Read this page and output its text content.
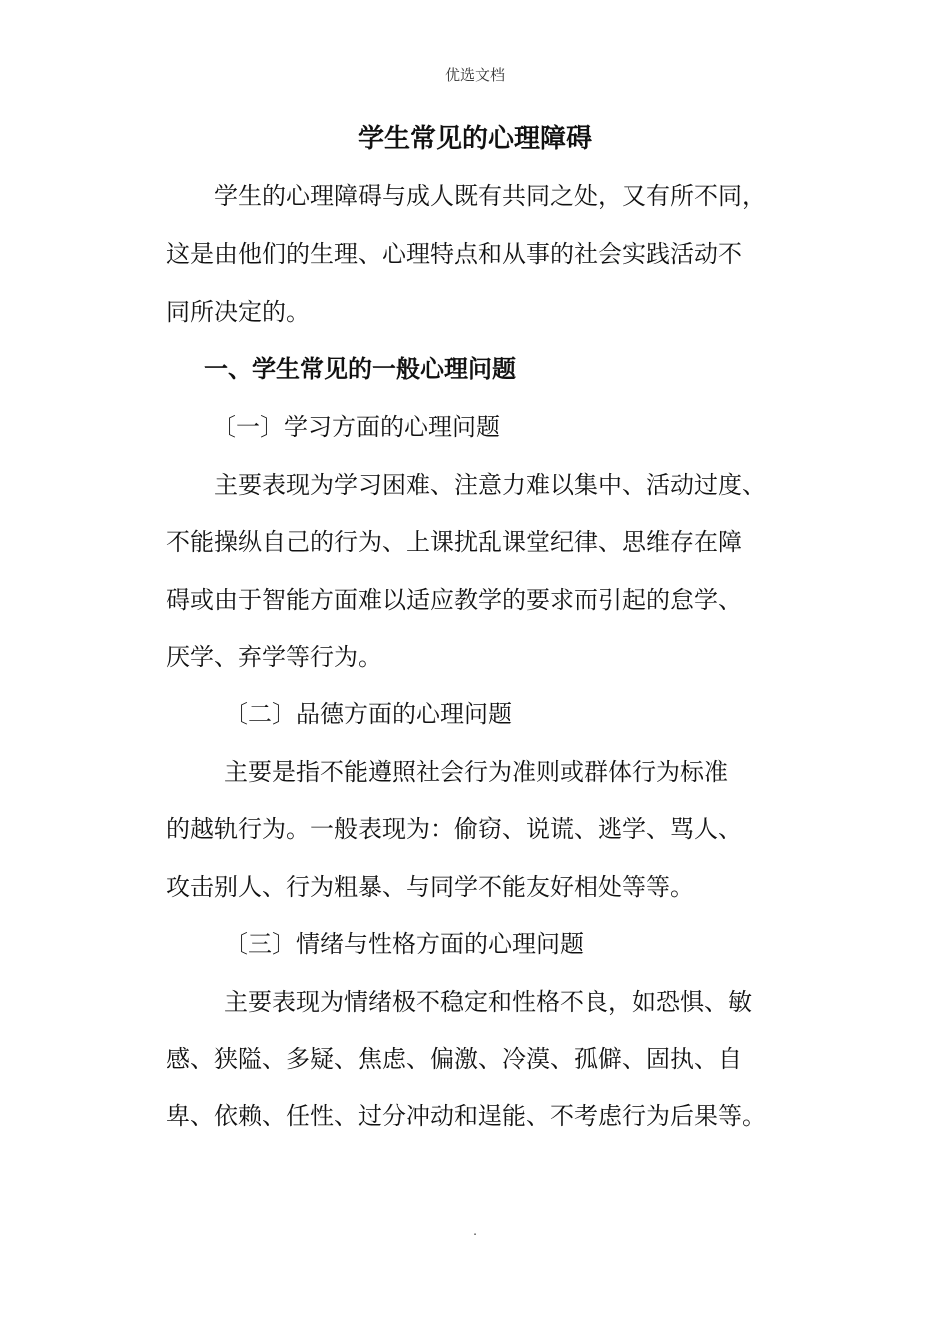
优选文档
学生常见的心理障碍
学生的心理障碍与成人既有共同之处，又有所不同，
这是由他们的生理、心理特点和从事的社会实践活动不
同所决定的。
一、学生常见的一般心理问题
〔一〕学习方面的心理问题
主要表现为学习困难、注意力难以集中、活动过度、
不能操纵自己的行为、上课扰乱课堂纪律、思维存在障
碍或由于智能方面难以适应教学的要求而引起的怠学、
厌学、弃学等行为。
〔二〕品德方面的心理问题
主要是指不能遵照社会行为准则或群体行为标准
的越轨行为。一般表现为：偷窃、说谎、逃学、骂人、
攻击别人、行为粗暴、与同学不能友好相处等等。
〔三〕情绪与性格方面的心理问题
主要表现为情绪极不稳定和性格不良，如恐惧、敏
感、狭隘、多疑、焦虑、偏激、冷漠、孤僻、固执、自
卑、依赖、任性、过分冲动和逞能、不考虑行为后果等。
.
